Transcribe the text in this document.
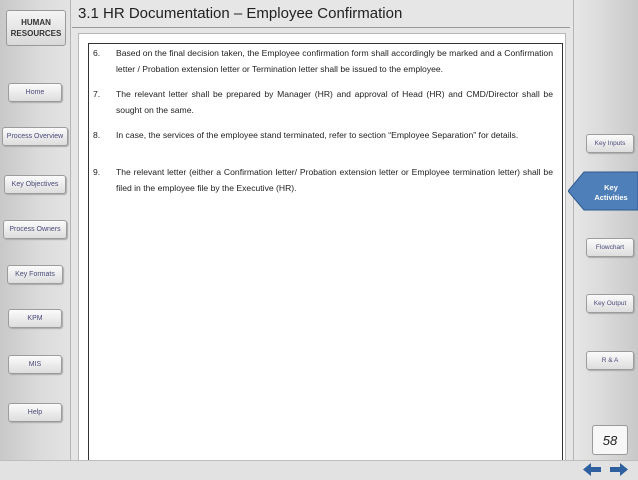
HUMAN
RESOURCES
Home
Process Overview
Key Objectives
Process Owners
Key Formats
KPM
MIS
Help
3.1 HR Documentation – Employee Confirmation
6. Based on the final decision taken, the Employee confirmation form shall accordingly be marked and a Confirmation letter / Probation extension letter or Termination letter shall be issued to the employee.
7. The relevant letter shall be prepared by Manager (HR) and approval of Head (HR) and CMD/Director shall be sought on the same.
8. In case, the services of the employee stand terminated, refer to section “Employee Separation” for details.
9. The relevant letter (either a Confirmation letter/ Probation extension letter or Employee termination letter) shall be filed in the employee file by the Executive (HR).
Key Inputs
Key
Activities
Flowchart
Key Output
R & A
58
